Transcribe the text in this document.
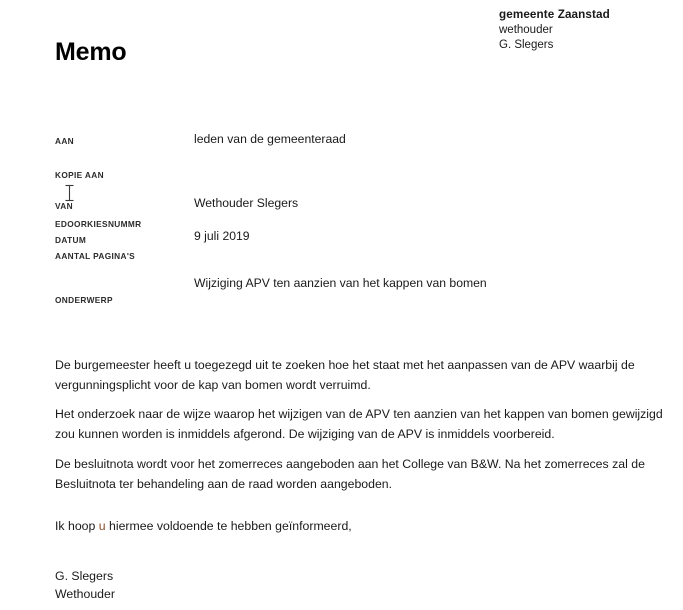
gemeente Zaanstad
wethouder
G. Slegers
Memo
AAN
KOPIE AAN
VAN
EDOORKIESNUMMR
DATUM
AANTAL PAGINA'S
ONDERWERP
leden van de gemeenteraad
Wethouder Slegers
9 juli 2019
Wijziging APV ten aanzien van het kappen van bomen
De burgemeester heeft u toegezegd uit te zoeken hoe het staat met het aanpassen van de APV waarbij de vergunningsplicht voor de kap van bomen wordt verruimd.
Het onderzoek naar de wijze waarop het wijzigen van de APV ten aanzien van het kappen van bomen gewijzigd zou kunnen worden is inmiddels afgerond. De wijziging van de APV is inmiddels voorbereid.
De besluitnota wordt voor het zomerreces aangeboden aan het College van B&W. Na het zomerreces zal de Besluitnota ter behandeling aan de raad worden aangeboden.
Ik hoop u hiermee voldoende te hebben geïnformeerd,
G. Slegers
Wethouder
